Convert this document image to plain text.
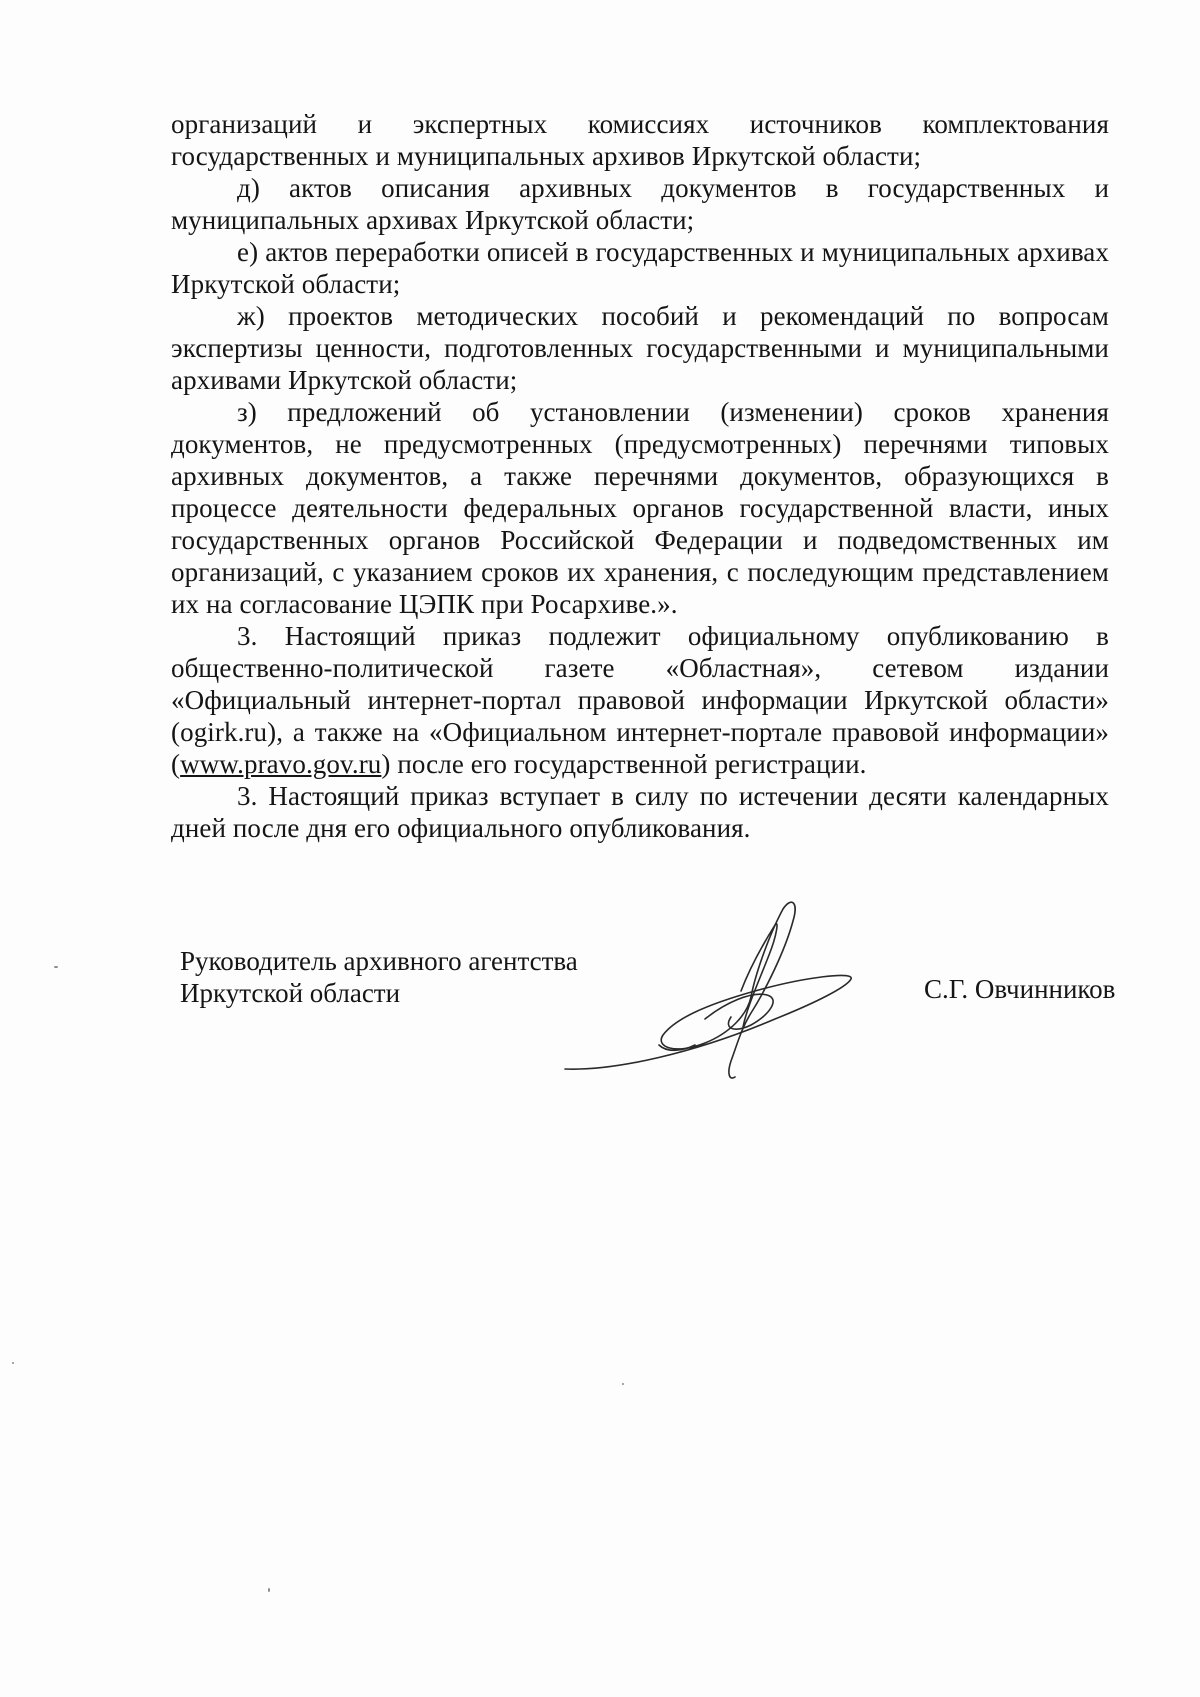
организаций и экспертных комиссиях источников комплектования государственных и муниципальных архивов Иркутской области;

д) актов описания архивных документов в государственных и муниципальных архивах Иркутской области;

е) актов переработки описей в государственных и муниципальных архивах Иркутской области;

ж) проектов методических пособий и рекомендаций по вопросам экспертизы ценности, подготовленных государственными и муниципальными архивами Иркутской области;

з) предложений об установлении (изменении) сроков хранения документов, не предусмотренных (предусмотренных) перечнями типовых архивных документов, а также перечнями документов, образующихся в процессе деятельности федеральных органов государственной власти, иных государственных органов Российской Федерации и подведомственных им организаций, с указанием сроков их хранения, с последующим представлением их на согласование ЦЭПК при Росархиве.».

3. Настоящий приказ подлежит официальному опубликованию в общественно-политической газете «Областная», сетевом издании «Официальный интернет-портал правовой информации Иркутской области» (ogirk.ru), а также на «Официальном интернет-портале правовой информации» (www.pravo.gov.ru) после его государственной регистрации.

3. Настоящий приказ вступает в силу по истечении десяти календарных дней после дня его официального опубликования.

Руководитель архивного агентства
Иркутской области	С.Г. Овчинников
